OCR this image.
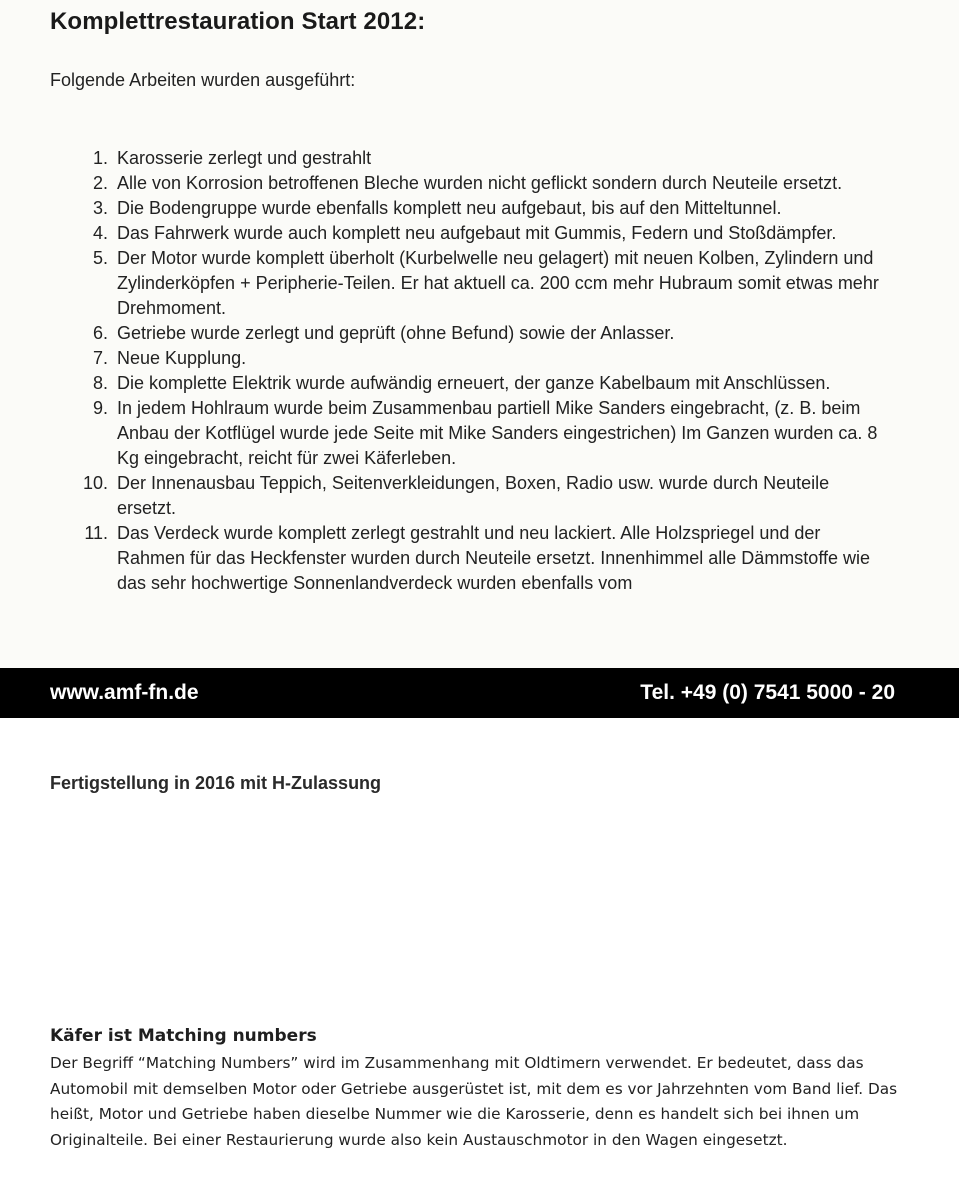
Komplettrestauration Start 2012:

Folgende Arbeiten wurden ausgeführt:

1. Karosserie zerlegt und gestrahlt
2. Alle von Korrosion betroffenen Bleche wurden nicht geflickt sondern durch Neuteile ersetzt.
3. Die Bodengruppe wurde ebenfalls komplett neu aufgebaut, bis auf den Mitteltunnel.
4. Das Fahrwerk wurde auch komplett neu aufgebaut mit Gummis, Federn und Stoßdämpfer.
5. Der Motor wurde komplett überholt (Kurbelwelle neu gelagert) mit neuen Kolben, Zylindern und Zylinderköpfen + Peripherie-Teilen. Er hat aktuell ca. 200 ccm mehr Hubraum somit etwas mehr Drehmoment.
6. Getriebe wurde zerlegt und geprüft (ohne Befund) sowie der Anlasser.
7. Neue Kupplung.
8. Die komplette Elektrik wurde aufwändig erneuert, der ganze Kabelbaum mit Anschlüssen.
9. In jedem Hohlraum wurde beim Zusammenbau partiell Mike Sanders eingebracht, (z. B. beim Anbau der Kotflügel wurde jede Seite mit Mike Sanders eingestrichen) Im Ganzen wurden ca. 8 Kg eingebracht, reicht für zwei Käferleben.
10. Der Innenausbau Teppich, Seitenverkleidungen, Boxen, Radio usw. wurde durch Neuteile ersetzt.
11. Das Verdeck wurde komplett zerlegt gestrahlt und neu lackiert. Alle Holzspriegel und der Rahmen für das Heckfenster wurden durch Neuteile ersetzt. Innenhimmel alle Dämmstoffe wie das sehr hochwertige Sonnenlandverdeck wurden ebenfalls vom
www.amf-fn.de	Tel. +49 (0) 7541 5000 - 20

Fertigstellung in 2016 mit H-Zulassung

Käfer ist Matching numbers

Der Begriff “Matching Numbers” wird im Zusammenhang mit Oldtimern verwendet. Er bedeutet, dass das Automobil mit demselben Motor oder Getriebe ausgerüstet ist, mit dem es vor Jahrzehnten vom Band lief. Das heißt, Motor und Getriebe haben dieselbe Nummer wie die Karosserie, denn es handelt sich bei ihnen um Originalteile. Bei einer Restaurierung wurde also kein Austauschmotor in den Wagen eingesetzt.
